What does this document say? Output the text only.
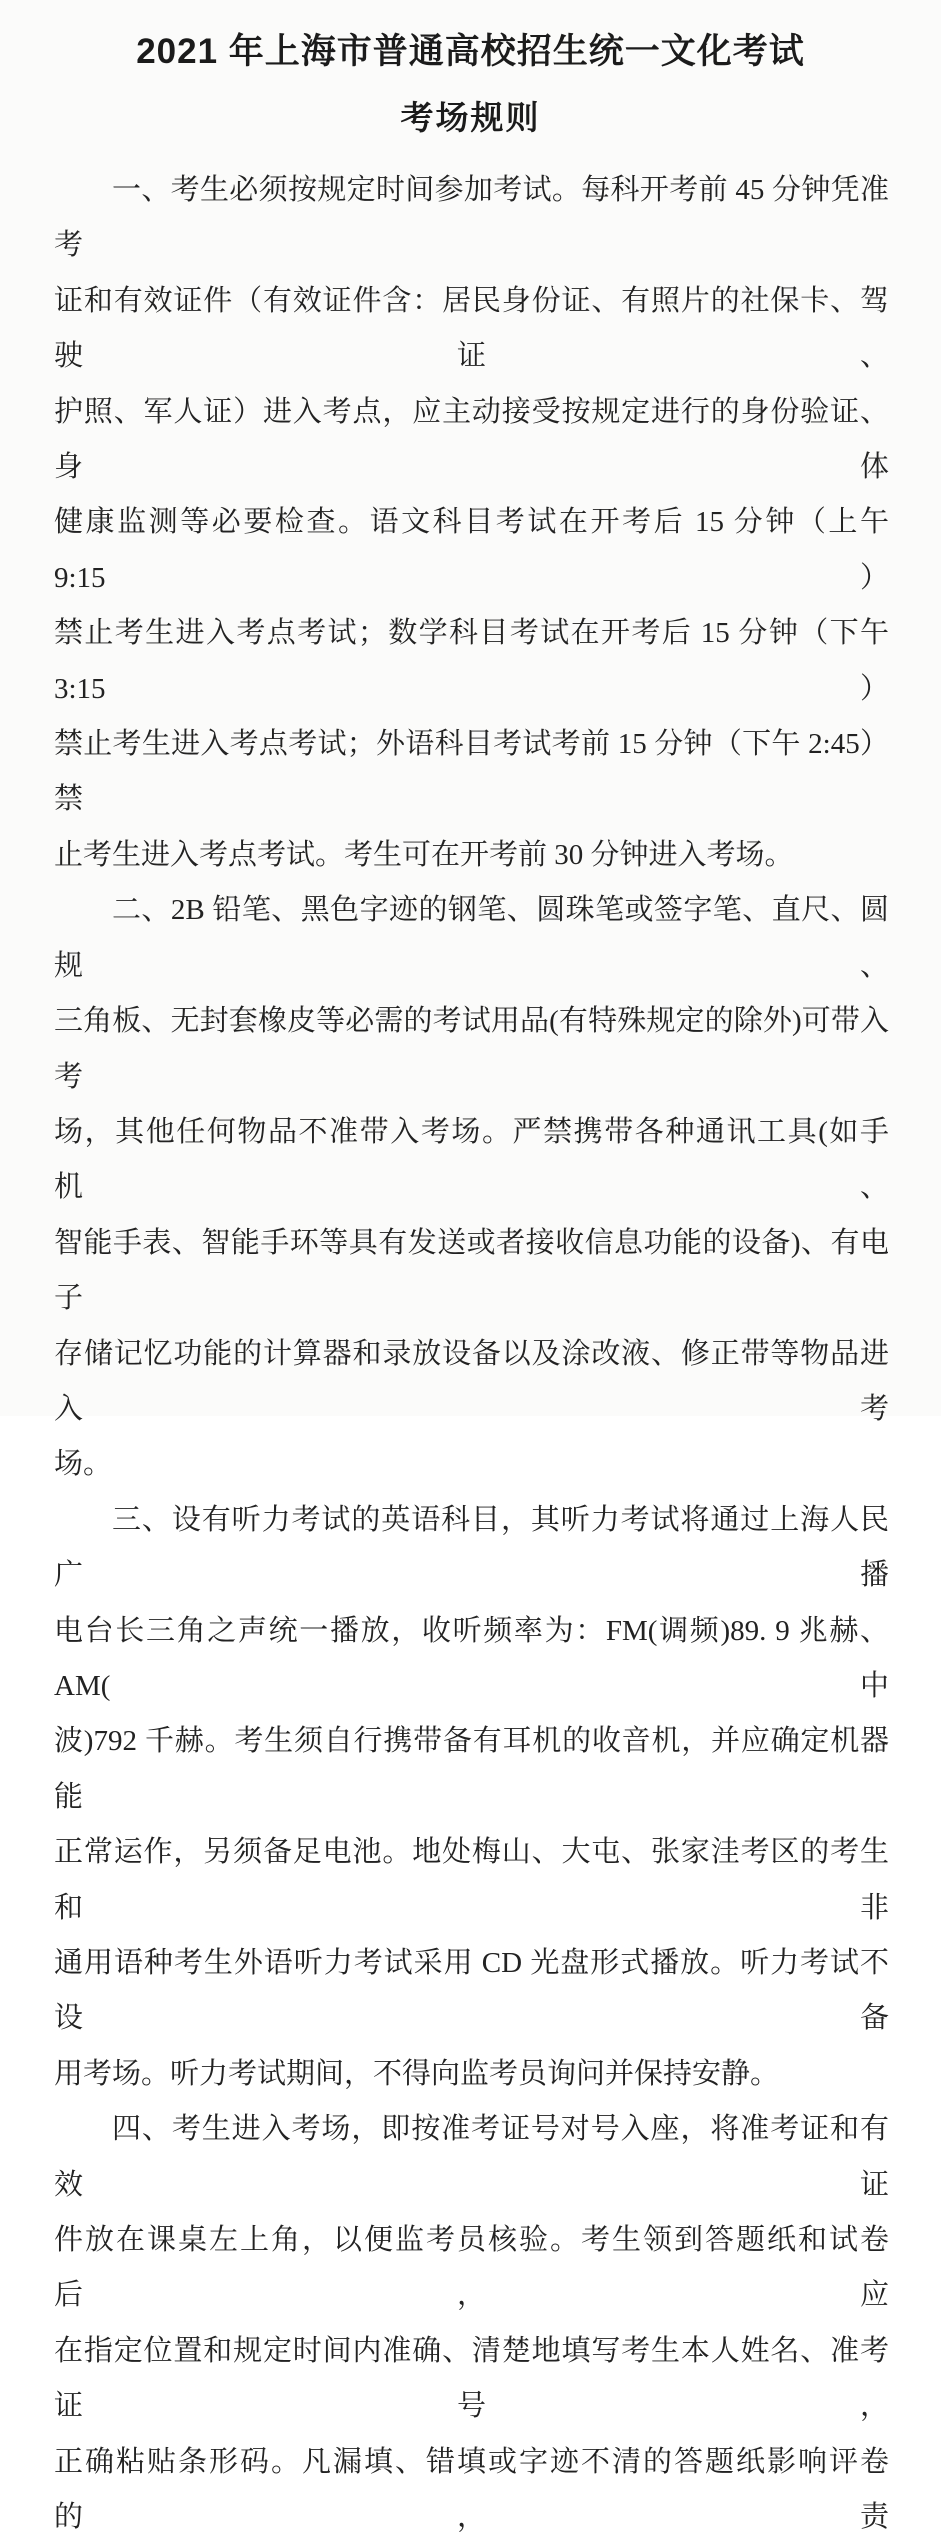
2021 年上海市普通高校招生统一文化考试
考场规则
一、考生必须按规定时间参加考试。每科开考前 45 分钟凭准考
证和有效证件（有效证件含：居民身份证、有照片的社保卡、驾驶证、
护照、军人证）进入考点，应主动接受按规定进行的身份验证、身体
健康监测等必要检查。语文科目考试在开考后 15 分钟（上午 9:15）
禁止考生进入考点考试；数学科目考试在开考后 15 分钟（下午 3:15）
禁止考生进入考点考试；外语科目考试考前 15 分钟（下午 2:45）禁
止考生进入考点考试。考生可在开考前 30 分钟进入考场。
二、2B 铅笔、黑色字迹的钢笔、圆珠笔或签字笔、直尺、圆规、
三角板、无封套橡皮等必需的考试用品(有特殊规定的除外)可带入考
场，其他任何物品不准带入考场。严禁携带各种通讯工具(如手机、
智能手表、智能手环等具有发送或者接收信息功能的设备)、有电子
存储记忆功能的计算器和录放设备以及涂改液、修正带等物品进入考
场。
三、设有听力考试的英语科目，其听力考试将通过上海人民广播
电台长三角之声统一播放，收听频率为：FM(调频)89. 9 兆赫、AM(中
波)792 千赫。考生须自行携带备有耳机的收音机，并应确定机器能
正常运作，另须备足电池。地处梅山、大屯、张家洼考区的考生和非
通用语种考生外语听力考试采用 CD 光盘形式播放。听力考试不设备
用考场。听力考试期间，不得向监考员询问并保持安静。
四、考生进入考场，即按准考证号对号入座，将准考证和有效证
件放在课桌左上角，以便监考员核验。考生领到答题纸和试卷后，应
在指定位置和规定时间内准确、清楚地填写考生本人姓名、准考证号，
正确粘贴条形码。凡漏填、错填或字迹不清的答题纸影响评卷的，责
